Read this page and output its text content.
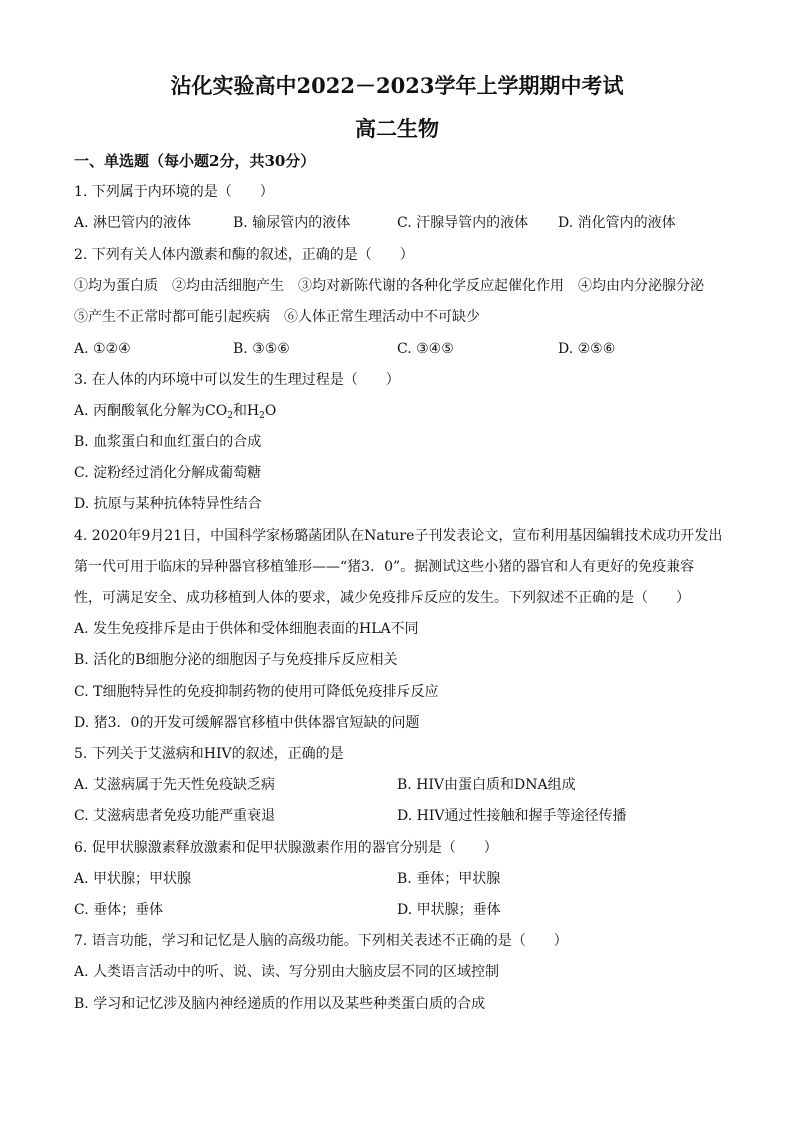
沾化实验高中2022－2023学年上学期期中考试
高二生物
一、单选题（每小题2分，共30分）
1. 下列属于内环境的是（　　）
A. 淋巴管内的液体	B. 输尿管内的液体	C. 汗腺导管内的液体 D. 消化管内的液体
2. 下列有关人体内激素和酶的叙述，正确的是（　　）
①均为蛋白质　②均由活细胞产生　③均对新陈代谢的各种化学反应起催化作用　④均由内分泌腺分泌
⑤产生不正常时都可能引起疾病　⑥人体正常生理活动中不可缺少
A. ①②④	B. ③⑤⑥	C. ③④⑤	D. ②⑤⑥
3. 在人体的内环境中可以发生的生理过程是（　　）
A. 丙酮酸氧化分解为$CO_2$和$H_2O$
B. 血浆蛋白和血红蛋白的合成
C. 淀粉经过消化分解成葡萄糖
D. 抗原与某种抗体特异性结合
4. 2020年9月21日，中国科学家杨璐菡团队在Nature子刊发表论文，宣布利用基因编辑技术成功开发出
第一代可用于临床的异种器官移植雏形——“猪3．0”。据测试这些小猪的器官和人有更好的免疫兼容
性，可满足安全、成功移植到人体的要求，减少免疫排斥反应的发生。下列叙述不正确的是（　　）
A. 发生免疫排斥是由于供体和受体细胞表面的HLA不同
B. 活化的B细胞分泌的细胞因子与免疫排斥反应相关
C. T细胞特异性的免疫抑制药物的使用可降低免疫排斥反应
D. 猪3．0的开发可缓解器官移植中供体器官短缺的问题
5. 下列关于艾滋病和HIV的叙述，正确的是
A. 艾滋病属于先天性免疫缺乏病	B. HIV由蛋白质和DNA组成
C. 艾滋病患者免疫功能严重衰退	D. HIV通过性接触和握手等途径传播
6. 促甲状腺激素释放激素和促甲状腺激素作用的器官分别是（　　）
A. 甲状腺；甲状腺	B. 垂体；甲状腺
C. 垂体；垂体	D. 甲状腺；垂体
7. 语言功能，学习和记忆是人脑的高级功能。下列相关表述不正确的是（　　）
A. 人类语言活动中的听、说、读、写分别由大脑皮层不同的区域控制
B. 学习和记忆涉及脑内神经递质的作用以及某些种类蛋白质的合成
